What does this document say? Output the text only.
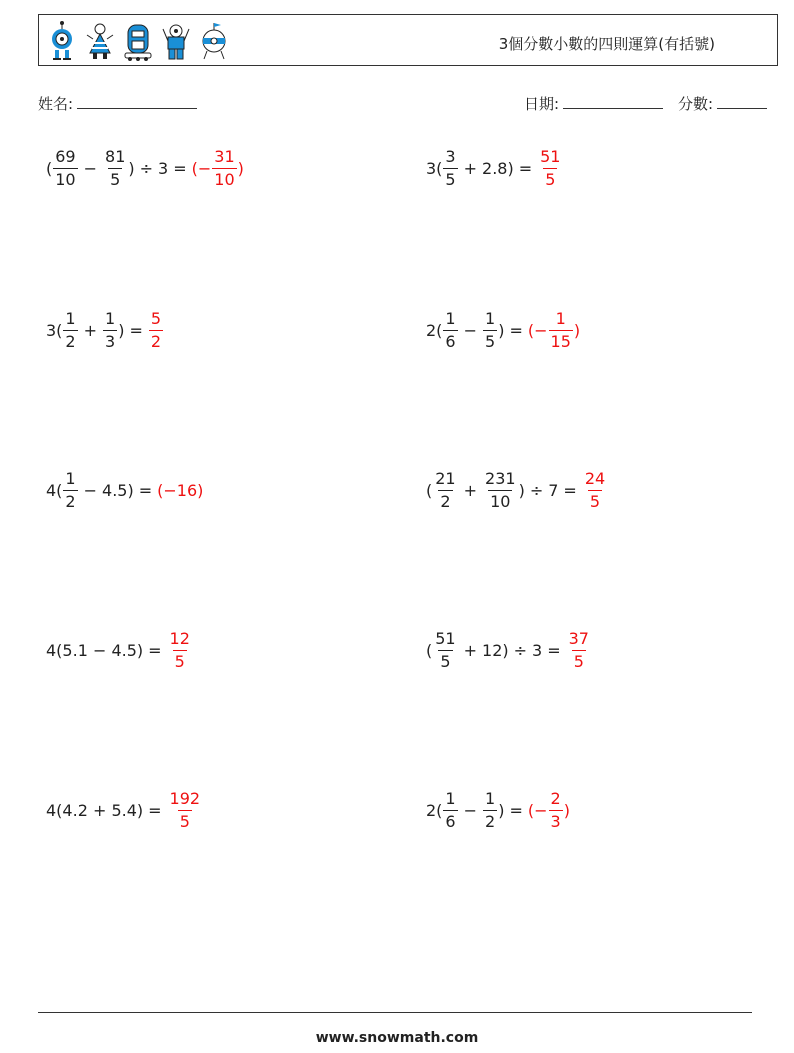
3個分數小數的四則運算(有括號)
姓名:	日期:	分數:
( $\frac{69}{10} - \frac{81}{5}$ ) ÷ 3 = (− $\frac{31}{10}$ )	$3( \frac{3}{5} + 2.8) = \frac{51}{5}$
$3( \frac{1}{2} + \frac{1}{3}$ ) = $\frac{5}{2}$	$2( \frac{1}{6} - \frac{1}{5}$ ) = (− $\frac{1}{15}$ )
$4( \frac{1}{2} - 4.5) = (-16)$	( $\frac{21}{2} + \frac{231}{10}$ ) ÷ $7 = \frac{24}{5}$
$4(5.1 - 4.5) = \frac{12}{5}$	( $\frac{51}{5} + 12) \div 3 = \frac{37}{5}$
$4(4.2 + 5.4) = \frac{192}{5}$	$2( \frac{1}{6} - \frac{1}{2}$ ) = (− $\frac{2}{3}$ )
www.snowmath.com
